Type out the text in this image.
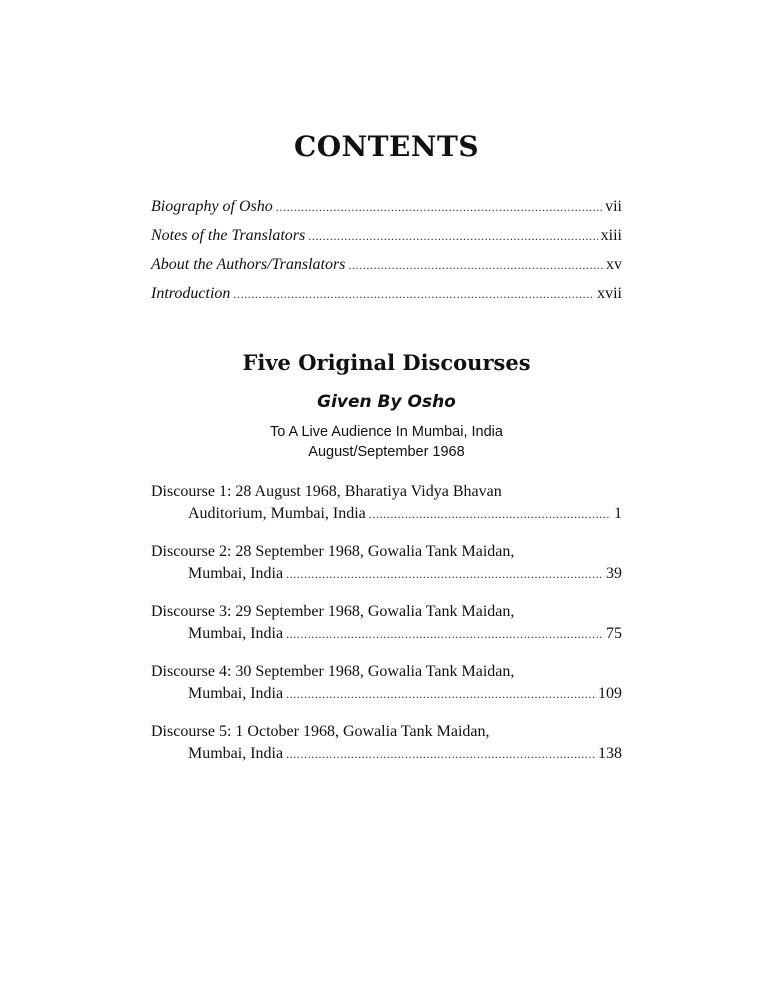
CONTENTS
Biography of Osho .....	vii
Notes of the Translators .....	xiii
About the Authors/Translators .....	xv
Introduction .....	xvii
Five Original Discourses
Given By Osho
To A Live Audience In Mumbai, India
August/September 1968
Discourse 1: 28 August 1968, Bharatiya Vidya Bhavan
Auditorium, Mumbai, India .....	1
Discourse 2: 28 September 1968, Gowalia Tank Maidan,
Mumbai, India .....	39
Discourse 3: 29 September 1968, Gowalia Tank Maidan,
Mumbai, India .....	75
Discourse 4: 30 September 1968, Gowalia Tank Maidan,
Mumbai, India .....	109
Discourse 5: 1 October 1968, Gowalia Tank Maidan,
Mumbai, India .....	138
